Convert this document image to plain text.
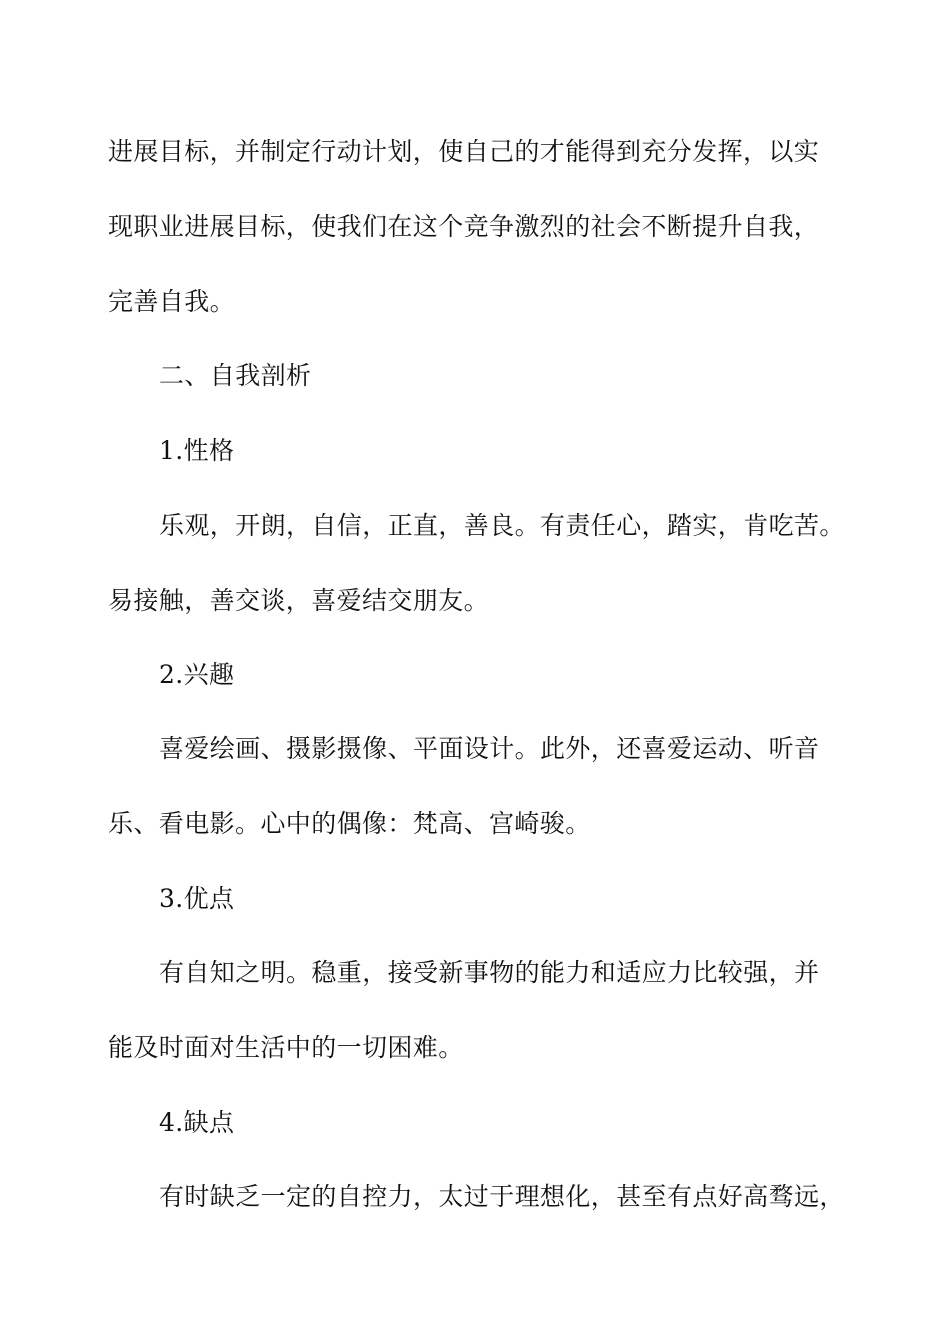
进展目标，并制定行动计划，使自己的才能得到充分发挥，以实
现职业进展目标，使我们在这个竞争激烈的社会不断提升自我，
完善自我。
二、自我剖析
1.性格
乐观，开朗，自信，正直，善良。有责任心，踏实，肯吃苦。
易接触，善交谈，喜爱结交朋友。
2.兴趣
喜爱绘画、摄影摄像、平面设计。此外，还喜爱运动、听音
乐、看电影。心中的偶像：梵高、宫崎骏。
3.优点
有自知之明。稳重，接受新事物的能力和适应力比较强，并
能及时面对生活中的一切困难。
4.缺点
有时缺乏一定的自控力，太过于理想化，甚至有点好高骛远，
